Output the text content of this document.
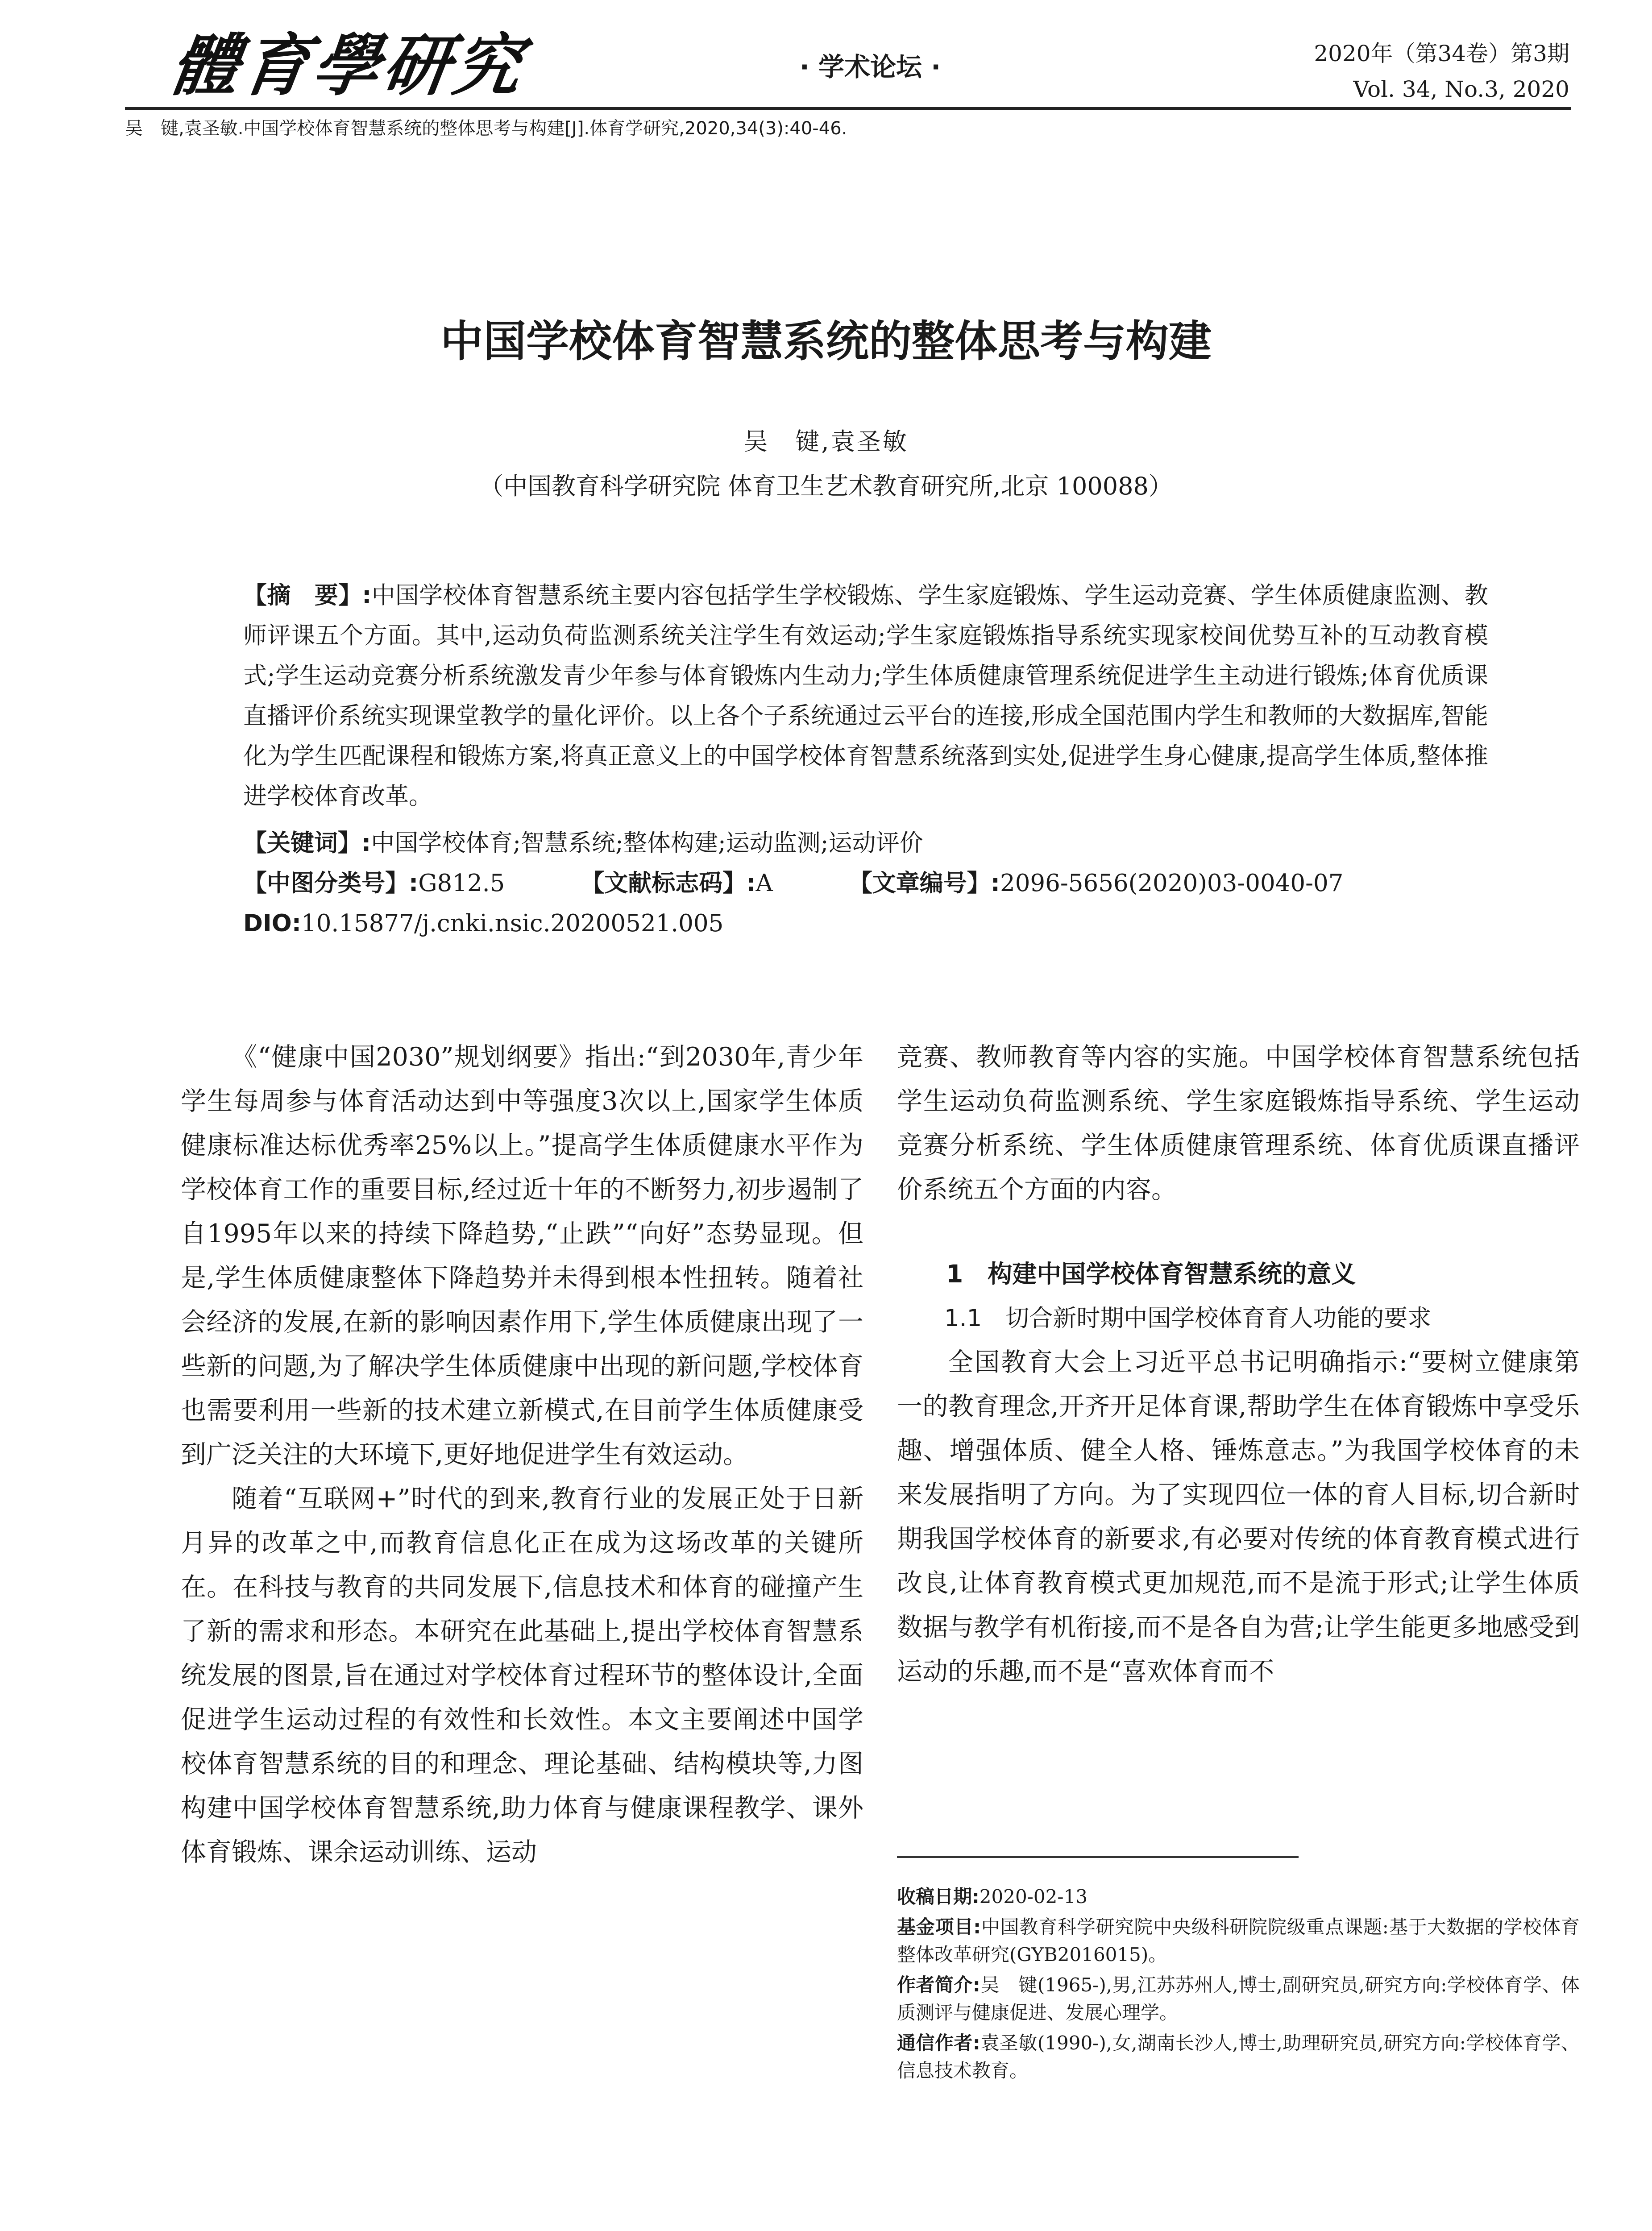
體育學研究	· 学术论坛 ·	2020年（第34卷）第3期
Vol. 34, No.3, 2020
吴　键,袁圣敏.中国学校体育智慧系统的整体思考与构建[J].体育学研究,2020,34(3):40-46.
中国学校体育智慧系统的整体思考与构建
吴　键,袁圣敏
（中国教育科学研究院 体育卫生艺术教育研究所,北京 100088）
【摘　要】:中国学校体育智慧系统主要内容包括学生学校锻炼、学生家庭锻炼、学生运动竞赛、学生体质健康监测、教师评课五个方面。其中,运动负荷监测系统关注学生有效运动;学生家庭锻炼指导系统实现家校间优势互补的互动教育模式;学生运动竞赛分析系统激发青少年参与体育锻炼内生动力;学生体质健康管理系统促进学生主动进行锻炼;体育优质课直播评价系统实现课堂教学的量化评价。以上各个子系统通过云平台的连接,形成全国范围内学生和教师的大数据库,智能化为学生匹配课程和锻炼方案,将真正意义上的中国学校体育智慧系统落到实处,促进学生身心健康,提高学生体质,整体推进学校体育改革。
【关键词】:中国学校体育;智慧系统;整体构建;运动监测;运动评价
【中图分类号】:G812.5	【文献标志码】:A	【文章编号】:2096-5656(2020)03-0040-07
DIO:10.15877/j.cnki.nsic.20200521.005

《“健康中国2030”规划纲要》指出:“到2030年,青少年学生每周参与体育活动达到中等强度3次以上,国家学生体质健康标准达标优秀率25%以上。”提高学生体质健康水平作为学校体育工作的重要目标,经过近十年的不断努力,初步遏制了自1995年以来的持续下降趋势,“止跌”“向好”态势显现。但是,学生体质健康整体下降趋势并未得到根本性扭转。随着社会经济的发展,在新的影响因素作用下,学生体质健康出现了一些新的问题,为了解决学生体质健康中出现的新问题,学校体育也需要利用一些新的技术建立新模式,在目前学生体质健康受到广泛关注的大环境下,更好地促进学生有效运动。

随着“互联网+”时代的到来,教育行业的发展正处于日新月异的改革之中,而教育信息化正在成为这场改革的关键所在。在科技与教育的共同发展下,信息技术和体育的碰撞产生了新的需求和形态。本研究在此基础上,提出学校体育智慧系统发展的图景,旨在通过对学校体育过程环节的整体设计,全面促进学生运动过程的有效性和长效性。本文主要阐述中国学校体育智慧系统的目的和理念、理论基础、结构模块等,力图构建中国学校体育智慧系统,助力体育与健康课程教学、课外体育锻炼、课余运动训练、运动

竞赛、教师教育等内容的实施。中国学校体育智慧系统包括学生运动负荷监测系统、学生家庭锻炼指导系统、学生运动竞赛分析系统、学生体质健康管理系统、体育优质课直播评价系统五个方面的内容。

1　构建中国学校体育智慧系统的意义

1.1　切合新时期中国学校体育育人功能的要求

全国教育大会上习近平总书记明确指示:“要树立健康第一的教育理念,开齐开足体育课,帮助学生在体育锻炼中享受乐趣、增强体质、健全人格、锤炼意志。”为我国学校体育的未来发展指明了方向。为了实现四位一体的育人目标,切合新时期我国学校体育的新要求,有必要对传统的体育教育模式进行改良,让体育教育模式更加规范,而不是流于形式;让学生体质数据与教学有机衔接,而不是各自为营;让学生能更多地感受到运动的乐趣,而不是“喜欢体育而不

收稿日期:2020-02-13

基金项目:中国教育科学研究院中央级科研院院级重点课题:基于大数据的学校体育整体改革研究(GYB2016015)。

作者简介:吴　键(1965-),男,江苏苏州人,博士,副研究员,研究方向:学校体育学、体质测评与健康促进、发展心理学。

通信作者:袁圣敏(1990-),女,湖南长沙人,博士,助理研究员,研究方向:学校体育学、信息技术教育。
